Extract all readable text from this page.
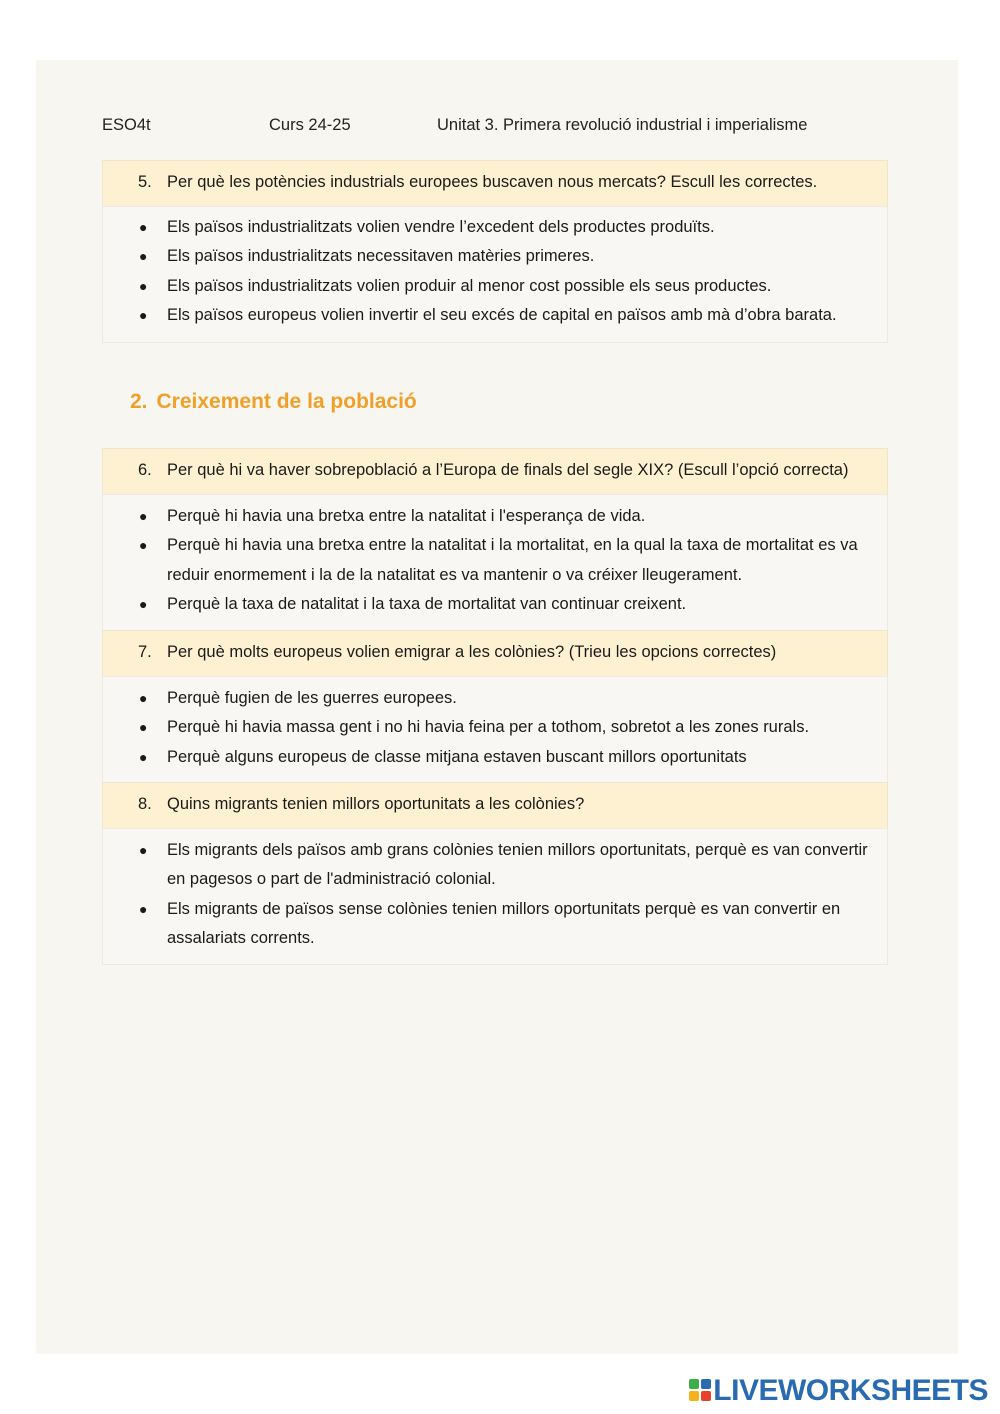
ESO4t	Curs 24-25	Unitat 3. Primera revolució industrial i imperialisme
5. Per què les potències industrials europees buscaven nous mercats? Escull les correctes.
● Els països industrialitzats volien vendre l’excedent dels productes produïts.
● Els països industrialitzats necessitaven matèries primeres.
● Els països industrialitzats volien produir al menor cost possible els seus productes.
● Els països europeus volien invertir el seu excés de capital en països amb mà d’obra barata.
2. Creixement de la població
6. Per què hi va haver sobrepoblació a l’Europa de finals del segle XIX? (Escull l’opció correcta)
● Perquè hi havia una bretxa entre la natalitat i l'esperança de vida.
● Perquè hi havia una bretxa entre la natalitat i la mortalitat, en la qual la taxa de mortalitat es va reduir enormement i la de la natalitat es va mantenir o va créixer lleugerament.
● Perquè la taxa de natalitat i la taxa de mortalitat van continuar creixent.
7. Per què molts europeus volien emigrar a les colònies? (Trieu les opcions correctes)
● Perquè fugien de les guerres europees.
● Perquè hi havia massa gent i no hi havia feina per a tothom, sobretot a les zones rurals.
● Perquè alguns europeus de classe mitjana estaven buscant millors oportunitats
8. Quins migrants tenien millors oportunitats a les colònies?
● Els migrants dels països amb grans colònies tenien millors oportunitats, perquè es van convertir en pagesos o part de l'administració colonial.
● Els migrants de països sense colònies tenien millors oportunitats perquè es van convertir en assalariats corrents.
LIVEWORKSHEETS
